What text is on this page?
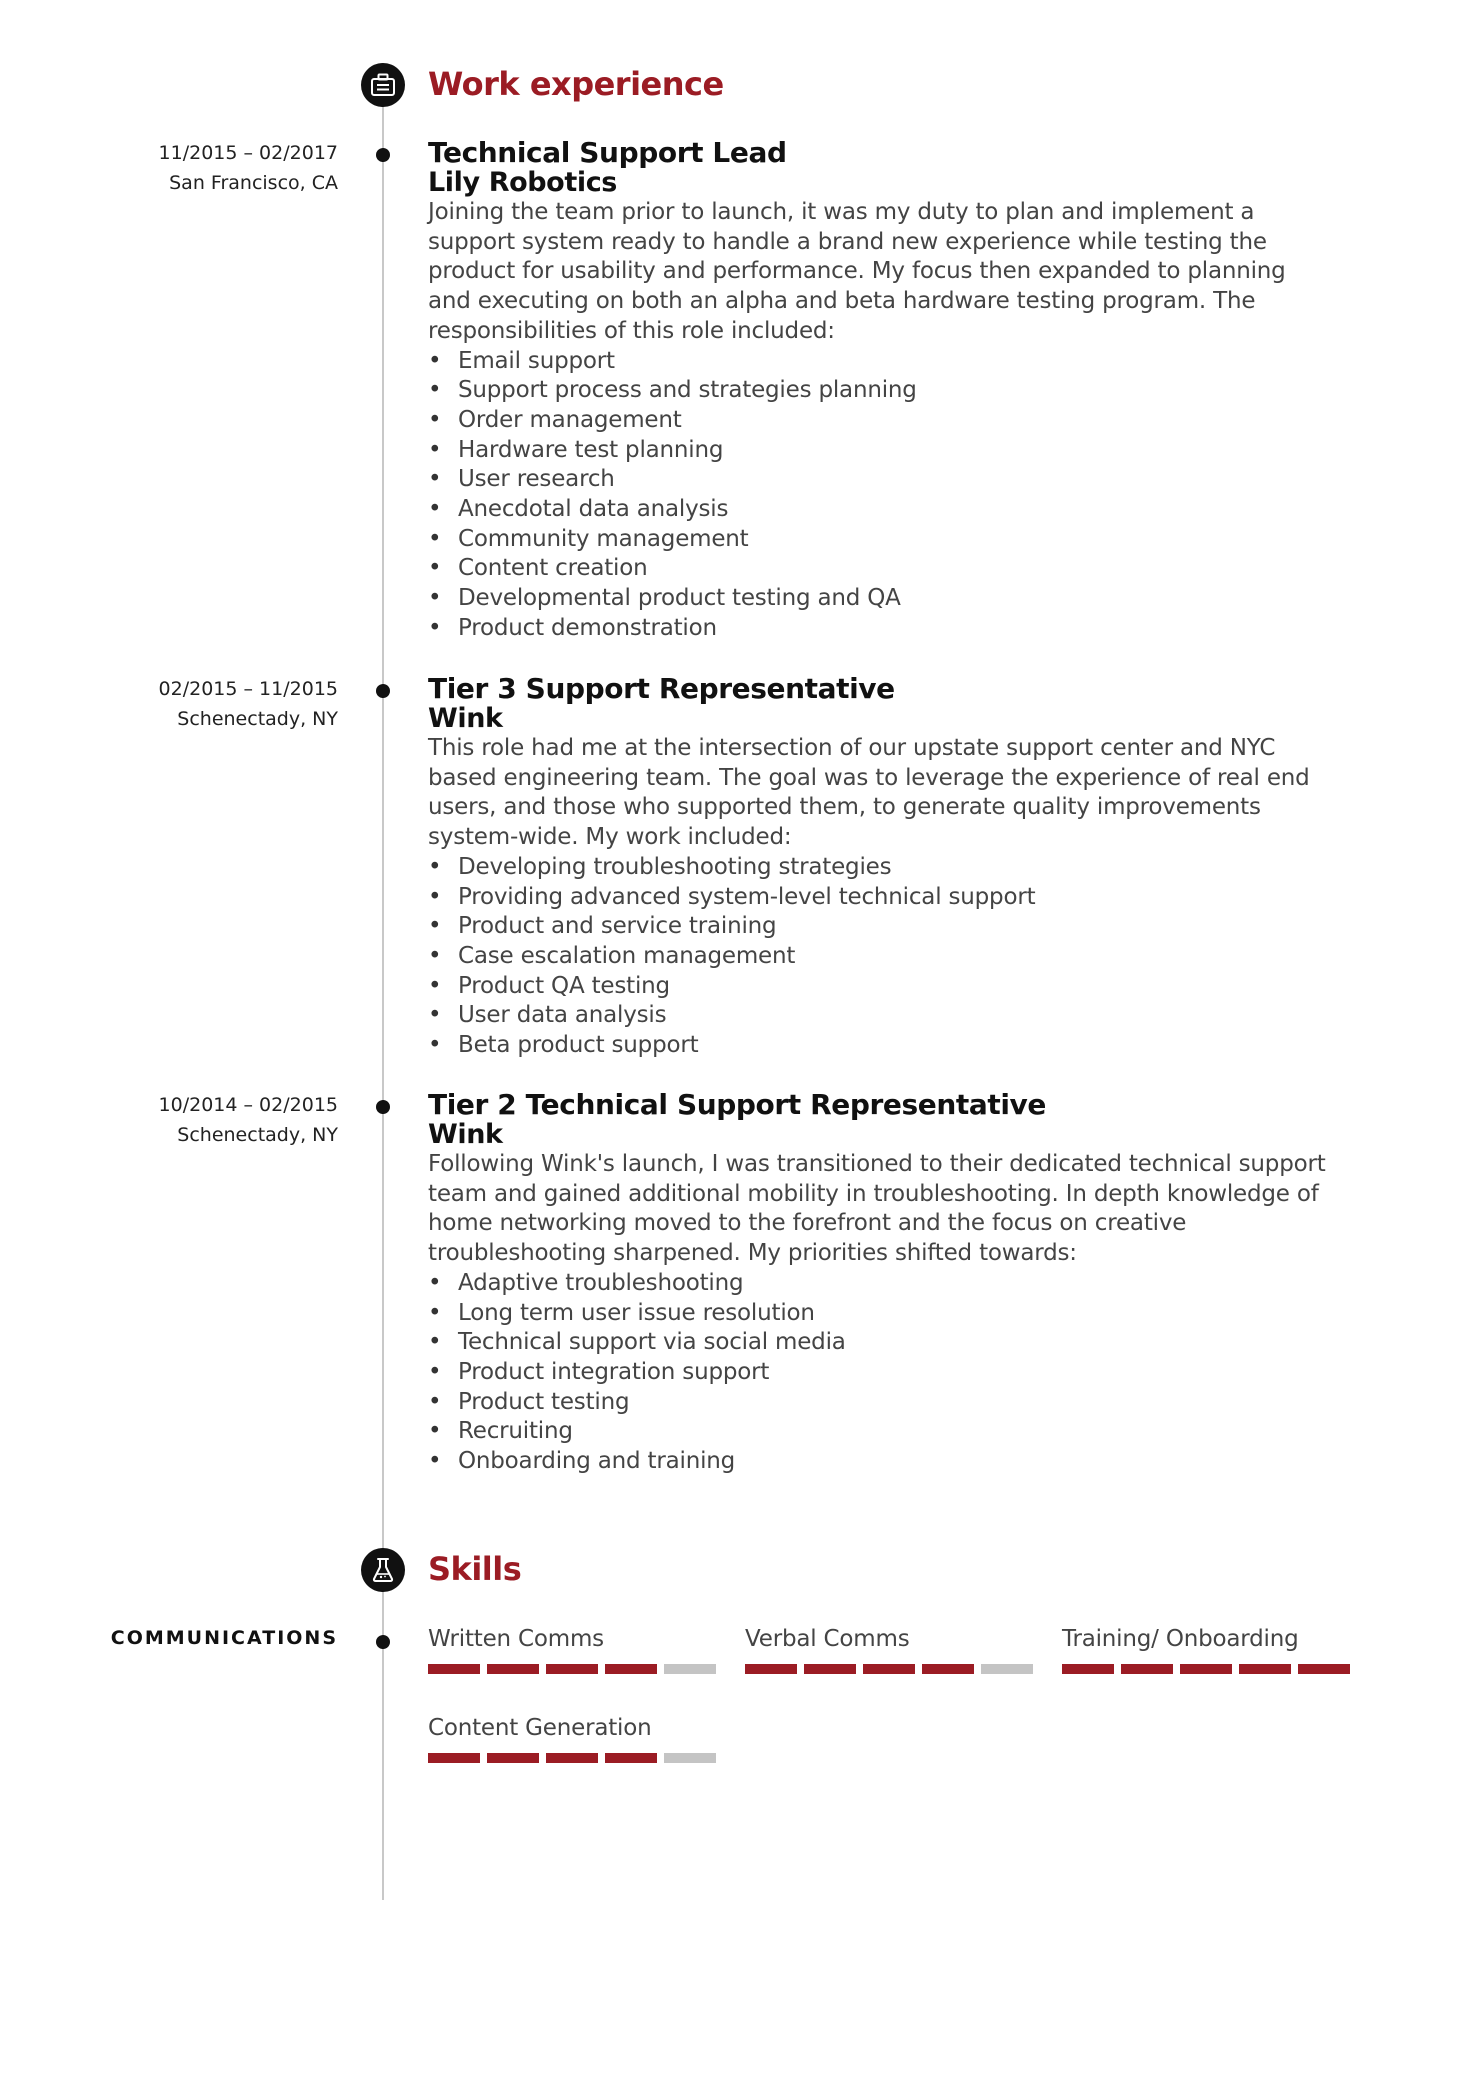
Work experience
11/2015 – 02/2017
San Francisco, CA
Technical Support Lead
Lily Robotics

Joining the team prior to launch, it was my duty to plan and implement a support system ready to handle a brand new experience while testing the product for usability and performance. My focus then expanded to planning and executing on both an alpha and beta hardware testing program. The responsibilities of this role included:

• Email support
• Support process and strategies planning
• Order management
• Hardware test planning
• User research
• Anecdotal data analysis
• Community management
• Content creation
• Developmental product testing and QA
• Product demonstration
02/2015 – 11/2015
Schenectady, NY
Tier 3 Support Representative
Wink

This role had me at the intersection of our upstate support center and NYC based engineering team. The goal was to leverage the experience of real end users, and those who supported them, to generate quality improvements system-wide. My work included:

• Developing troubleshooting strategies
• Providing advanced system-level technical support
• Product and service training
• Case escalation management
• Product QA testing
• User data analysis
• Beta product support
10/2014 – 02/2015
Schenectady, NY
Tier 2 Technical Support Representative
Wink

Following Wink's launch, I was transitioned to their dedicated technical support team and gained additional mobility in troubleshooting. In depth knowledge of home networking moved to the forefront and the focus on creative troubleshooting sharpened. My priorities shifted towards:

• Adaptive troubleshooting
• Long term user issue resolution
• Technical support via social media
• Product integration support
• Product testing
• Recruiting
• Onboarding and training
Skills
COMMUNICATIONS	Written Comms	Verbal Comms	Training/ Onboarding
Content Generation
